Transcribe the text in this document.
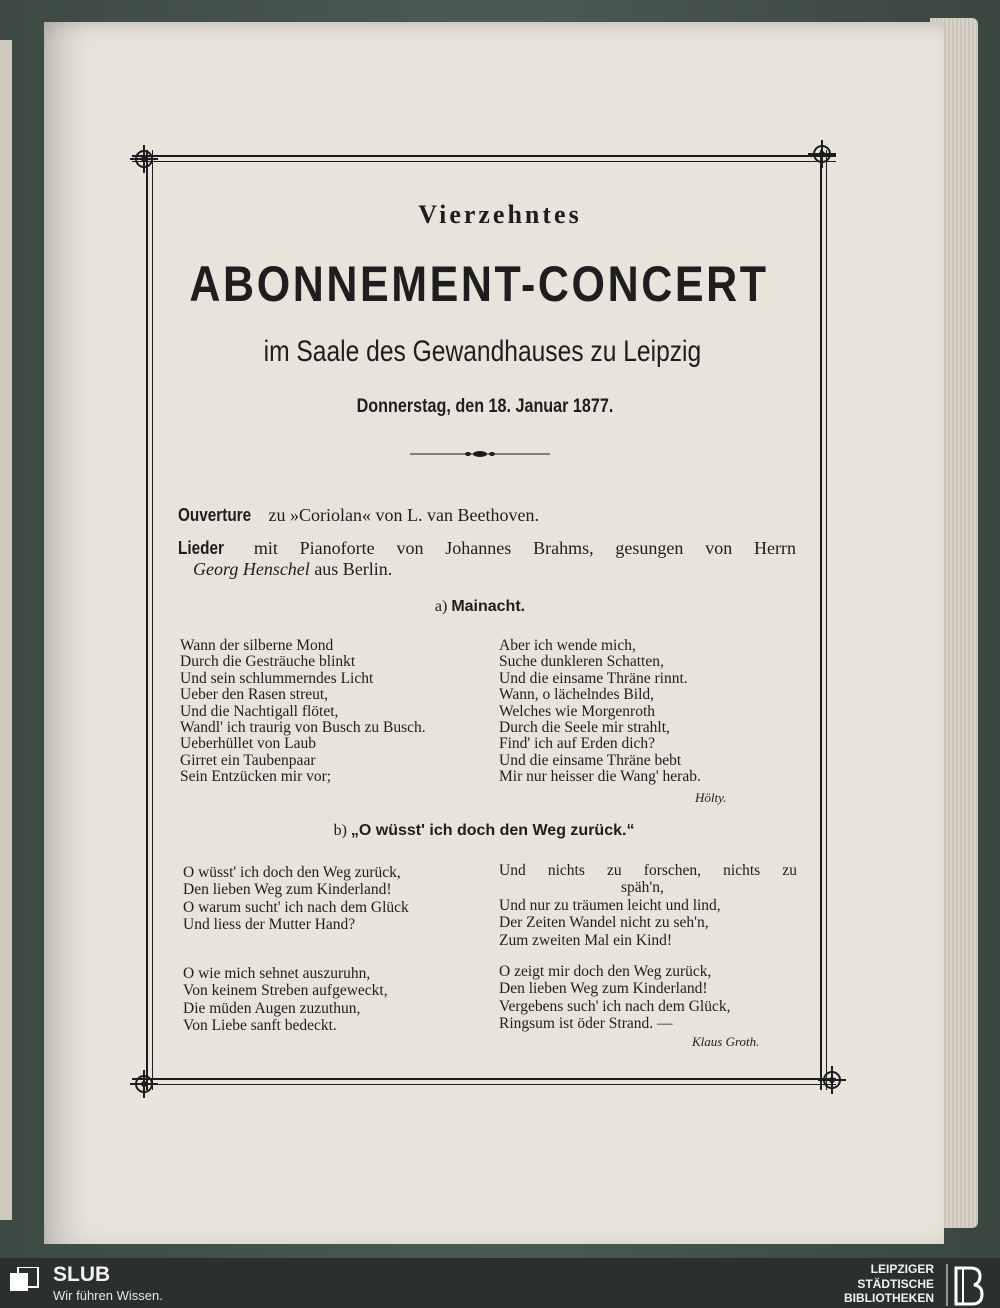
Vierzehntes
ABONNEMENT-CONCERT
im Saale des Gewandhauses zu Leipzig
Donnerstag, den 18. Januar 1877.
Ouverture zu »Coriolan« von L. van Beethoven.
Lieder mit Pianoforte von Johannes Brahms, gesungen von Herrn
Georg Henschel aus Berlin.
a) Mainacht.
Wann der silberne Mond
Durch die Gesträuche blinkt
Und sein schlummerndes Licht
Ueber den Rasen streut,
Und die Nachtigall flötet,
Wandl' ich traurig von Busch zu Busch.
Ueberhüllet von Laub
Girret ein Taubenpaar
Sein Entzücken mir vor;
Aber ich wende mich,
Suche dunkleren Schatten,
Und die einsame Thräne rinnt.
Wann, o lächelndes Bild,
Welches wie Morgenroth
Durch die Seele mir strahlt,
Find' ich auf Erden dich?
Und die einsame Thräne bebt
Mir nur heisser die Wang' herab.
Hölty.
b) „O wüsst' ich doch den Weg zurück.“
O wüsst' ich doch den Weg zurück,
Den lieben Weg zum Kinderland!
O warum sucht' ich nach dem Glück
Und liess der Mutter Hand?
Und nichts zu forschen, nichts zu
späh'n,
Und nur zu träumen leicht und lind,
Der Zeiten Wandel nicht zu seh'n,
Zum zweiten Mal ein Kind!
O wie mich sehnet auszuruhn,
Von keinem Streben aufgeweckt,
Die müden Augen zuzuthun,
Von Liebe sanft bedeckt.
O zeigt mir doch den Weg zurück,
Den lieben Weg zum Kinderland!
Vergebens such' ich nach dem Glück,
Ringsum ist öder Strand. —
Klaus Groth.
SLUB
Wir führen Wissen.
LEIPZIGER
STÄDTISCHE
BIBLIOTHEKEN
